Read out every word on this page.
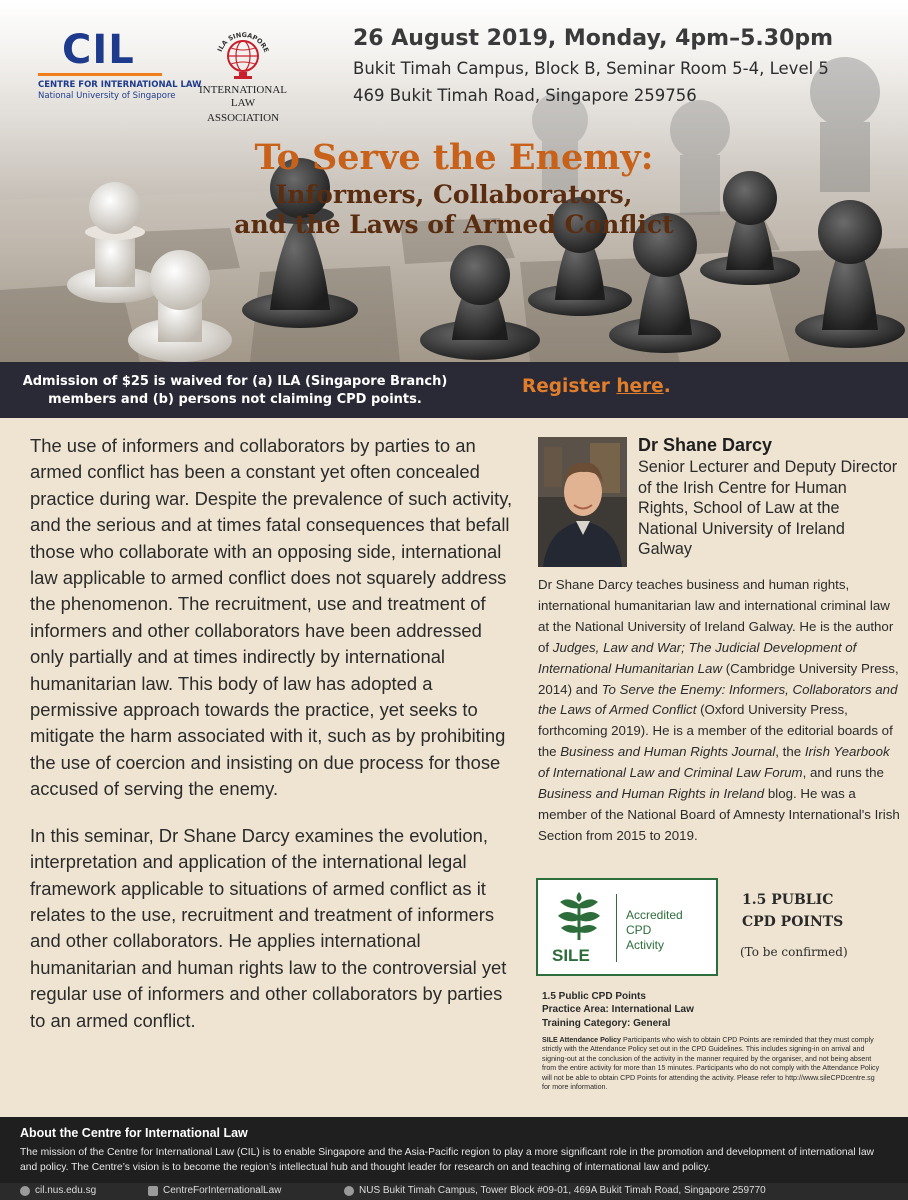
CIL
CENTRE FOR INTERNATIONAL LAW
National University of Singapore
ILA SINGAPORE
INTERNATIONAL LAW
ASSOCIATION
26 August 2019, Monday, 4pm–5.30pm
Bukit Timah Campus, Block B, Seminar Room 5-4, Level 5
469 Bukit Timah Road, Singapore 259756
To Serve the Enemy:
Informers, Collaborators,
and the Laws of Armed Conflict
Admission of $25 is waived for (a) ILA (Singapore Branch)
members and (b) persons not claiming CPD points.
Register here.

The use of informers and collaborators by parties to an armed conflict has been a constant yet often concealed practice during war. Despite the prevalence of such activity, and the serious and at times fatal consequences that befall those who collaborate with an opposing side, international law applicable to armed conflict does not squarely address the phenomenon. The recruitment, use and treatment of informers and other collaborators have been addressed only partially and at times indirectly by international humanitarian law. This body of law has adopted a permissive approach towards the practice, yet seeks to mitigate the harm associated with it, such as by prohibiting the use of coercion and insisting on due process for those accused of serving the enemy.

In this seminar, Dr Shane Darcy examines the evolution, interpretation and application of the international legal framework applicable to situations of armed conflict as it relates to the use, recruitment and treatment of informers and other collaborators. He applies international humanitarian and human rights law to the controversial yet regular use of informers and other collaborators by parties to an armed conflict.

Dr Shane Darcy
Senior Lecturer and Deputy Director of the Irish Centre for Human Rights, School of Law at the National University of Ireland Galway
Dr Shane Darcy teaches business and human rights, international humanitarian law and international criminal law at the National University of Ireland Galway. He is the author of Judges, Law and War; The Judicial Development of International Humanitarian Law (Cambridge University Press, 2014) and To Serve the Enemy: Informers, Collaborators and the Laws of Armed Conflict (Oxford University Press, forthcoming 2019). He is a member of the editorial boards of the Business and Human Rights Journal, the Irish Yearbook of International Law and Criminal Law Forum, and runs the Business and Human Rights in Ireland blog. He was a member of the National Board of Amnesty International's Irish Section from 2015 to 2019.
SILE
Accredited
CPD
Activity
1.5 PUBLIC
CPD POINTS
(To be confirmed)
1.5 Public CPD Points
Practice Area: International Law
Training Category: General
SILE Attendance Policy Participants who wish to obtain CPD Points are reminded that they must comply strictly with the Attendance Policy set out in the CPD Guidelines. This includes signing-in on arrival and signing-out at the conclusion of the activity in the manner required by the organiser, and not being absent from the entire activity for more than 15 minutes. Participants who do not comply with the Attendance Policy will not be able to obtain CPD Points for attending the activity. Please refer to http://www.sileCPDcentre.sg for more information.
About the Centre for International Law
The mission of the Centre for International Law (CIL) is to enable Singapore and the Asia-Pacific region to play a more significant role in the promotion and development of international law and policy. The Centre’s vision is to become the region’s intellectual hub and thought leader for research on and teaching of international law and policy.
cil.nus.edu.sg	CentreForInternationalLaw	NUS Bukit Timah Campus, Tower Block #09-01, 469A Bukit Timah Road, Singapore 259770
